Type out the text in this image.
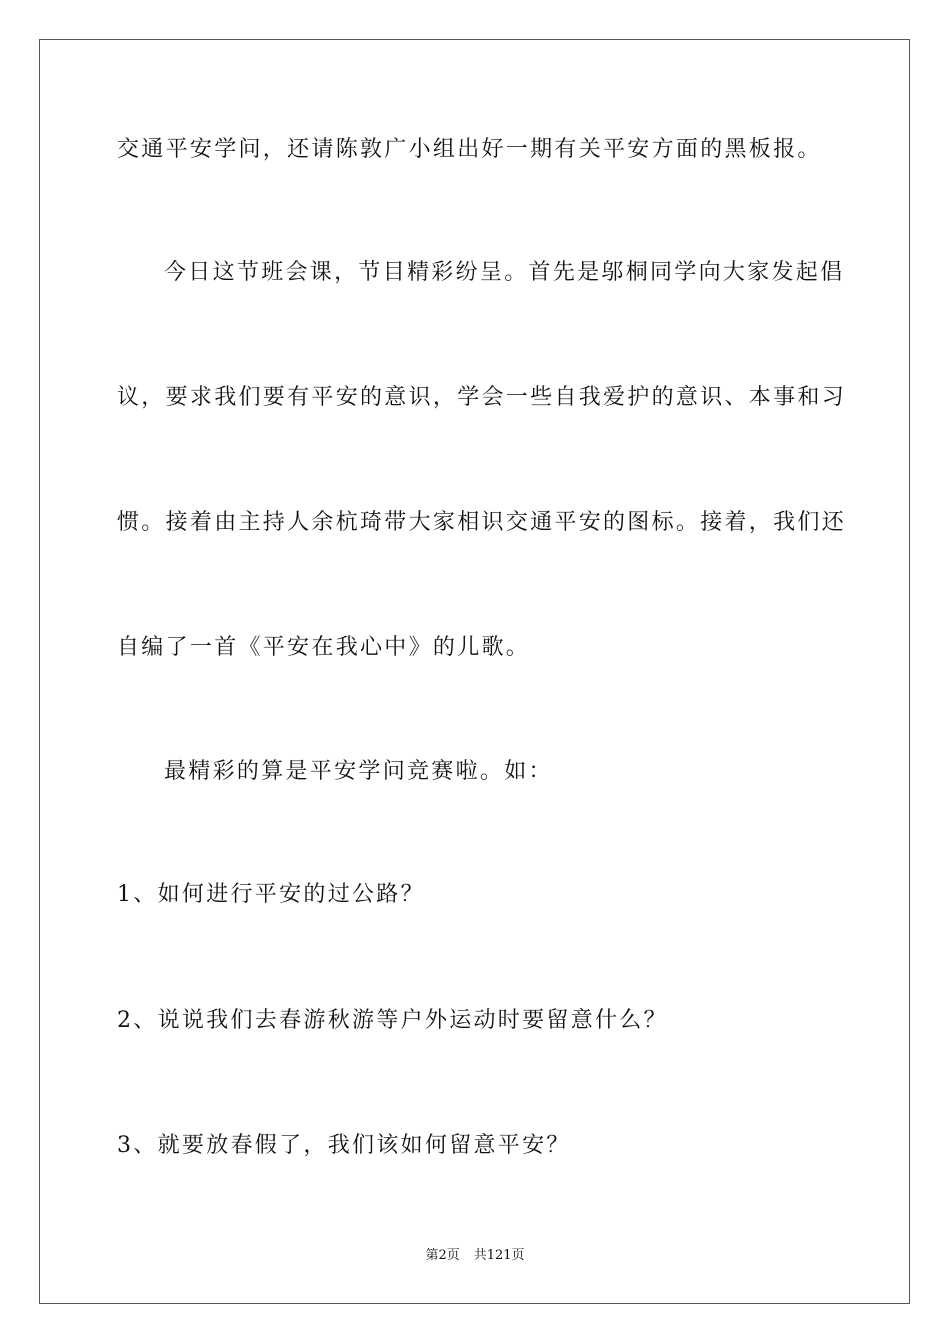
交通平安学问，还请陈敦广小组出好一期有关平安方面的黑板报。
今日这节班会课，节目精彩纷呈。首先是邬桐同学向大家发起倡
议，要求我们要有平安的意识，学会一些自我爱护的意识、本事和习
惯。接着由主持人余杭琦带大家相识交通平安的图标。接着，我们还
自编了一首《平安在我心中》的儿歌。
最精彩的算是平安学问竞赛啦。如：
1、如何进行平安的过公路？
2、说说我们去春游秋游等户外运动时要留意什么？
3、就要放春假了，我们该如何留意平安？
第2页 共121页
